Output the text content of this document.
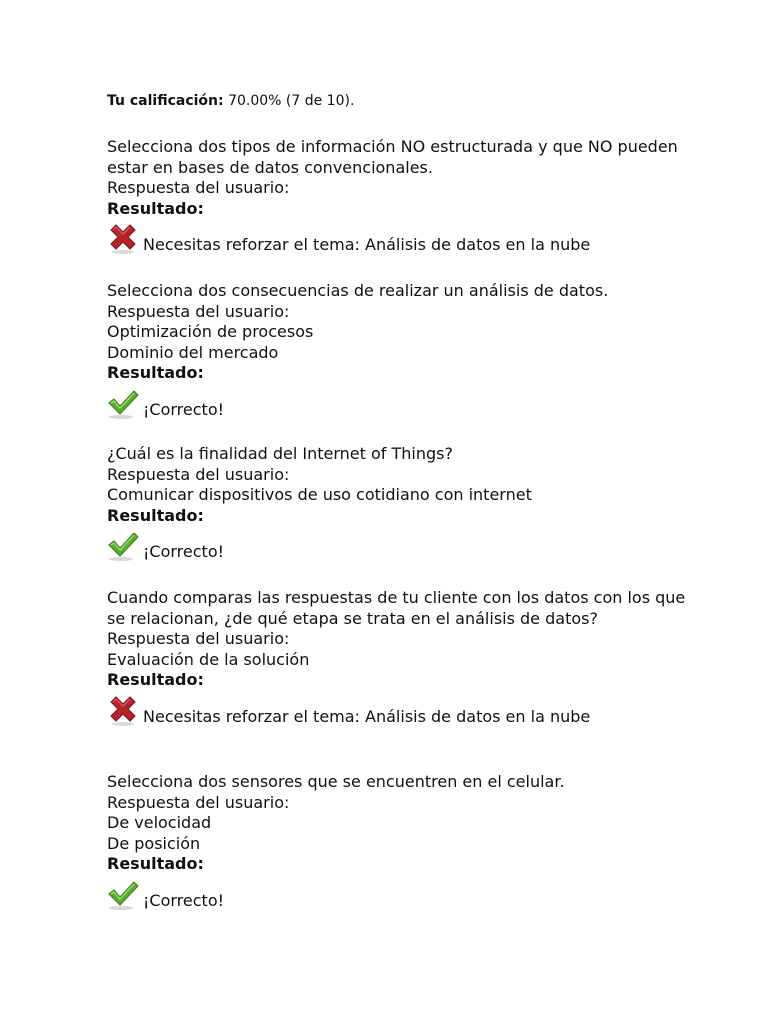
Tu calificación: 70.00% (7 de 10).
Selecciona dos tipos de información NO estructurada y que NO pueden estar en bases de datos convencionales.
Respuesta del usuario:
Resultado:
Necesitas reforzar el tema: Análisis de datos en la nube
Selecciona dos consecuencias de realizar un análisis de datos.
Respuesta del usuario:
Optimización de procesos
Dominio del mercado
Resultado:
¡Correcto!
¿Cuál es la finalidad del Internet of Things?
Respuesta del usuario:
Comunicar dispositivos de uso cotidiano con internet
Resultado:
¡Correcto!
Cuando comparas las respuestas de tu cliente con los datos con los que se relacionan, ¿de qué etapa se trata en el análisis de datos?
Respuesta del usuario:
Evaluación de la solución
Resultado:
Necesitas reforzar el tema: Análisis de datos en la nube
Selecciona dos sensores que se encuentren en el celular.
Respuesta del usuario:
De velocidad
De posición
Resultado:
¡Correcto!
